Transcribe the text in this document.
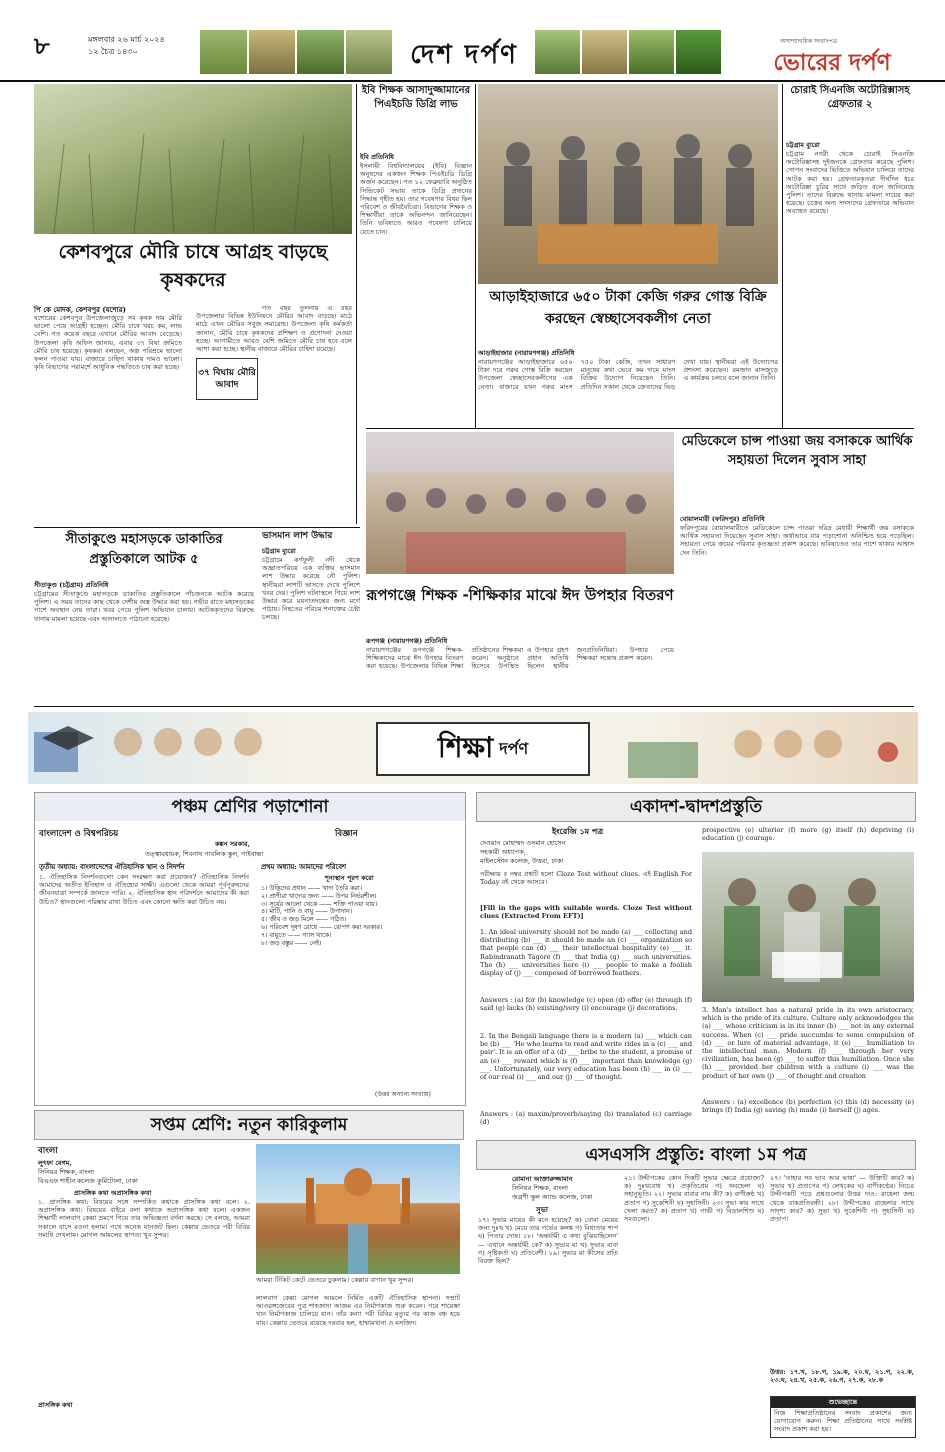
৮	মঙ্গলবার ২৬ মার্চ ২০২৪
১২ চৈত্র ১৪৩০	দেশ দর্পণ	অসাম্প্রদায়িক সংবাদপত্র
ভোরের দর্পণ
কেশবপুরে মৌরি চাষে আগ্রহ বাড়ছে কৃষকদের
পি কে মোদক, কেশবপুর (যশোর)
যশোরের কেশবপুর উপজেলাজুড়ে সব কৃষক দাম মৌরি ভালো পেয়ে আগ্রহী হচ্ছেন। মৌরি চাষে খরচ কম, লাভ বেশি। গত কয়েক বছরে এখানে মৌরির আবাদ বেড়েছে। উপজেলা কৃষি অফিস জানায়, এবার ৩৭ বিঘা জমিতে মৌরি চাষ হয়েছে। কৃষকরা বলছেন, অল্প পরিশ্রমে ভালো ফলন পাওয়া যায়। বাজারে চাহিদা থাকায় দামও ভালো। কৃষি বিভাগের পরামর্শে আধুনিক পদ্ধতিতে চাষ করা হচ্ছে।
৩৭ বিঘায় মৌরি আবাদ
গত বছর তুলনায় এ বছর উপজেলার বিভিন্ন ইউনিয়নে মৌরির আবাদ বাড়ছে। মাঠে মাঠে এখন মৌরির সবুজ সমারোহ। উপজেলা কৃষি কর্মকর্তা জানান, মৌরি চাষে কৃষকদের প্রশিক্ষণ ও প্রণোদনা দেওয়া হচ্ছে। আগামীতে আরও বেশি জমিতে মৌরি চাষ হবে বলে আশা করা হচ্ছে। স্থানীয় বাজারে মৌরির চাহিদা রয়েছে।
ইবি শিক্ষক আসাদুজ্জামানের পিএইচডি ডিগ্রি লাভ
ইবি প্রতিনিধি
ইসলামী বিশ্ববিদ্যালয়ের (ইবি) বিজ্ঞান অনুষদের একজন শিক্ষক পিএইচডি ডিগ্রি অর্জন করেছেন। গত ১২ ফেব্রুয়ারি অনুষ্ঠিত সিন্ডিকেট সভায় তাকে ডিগ্রি প্রদানের সিদ্ধান্ত গৃহীত হয়। তার গবেষণার বিষয় ছিল পরিবেশ ও জীববৈচিত্র্য। বিভাগের শিক্ষক ও শিক্ষার্থীরা তাকে অভিনন্দন জানিয়েছেন। তিনি ভবিষ্যতে আরও গবেষণা চালিয়ে যেতে চান।
আড়াইহাজারে ৬৫০ টাকা কেজি গরুর গোস্ত বিক্রি করছেন স্বেচ্ছাসেবকলীগ নেতা
আড়াইহাজার (নারায়ণগঞ্জ) প্রতিনিধি
নারায়ণগঞ্জের আড়াইহাজারে ৬৫০ টাকা দরে গরুর গোস্ত বিক্রি করছেন উপজেলা স্বেচ্ছাসেবকলীগের এক নেতা। বাজারে যখন গরুর মাংস ৭৫০ টাকা কেজি, তখন সাধারণ মানুষের কথা ভেবে কম দামে মাংস বিক্রির উদ্যোগ নিয়েছেন তিনি। প্রতিদিন সকাল থেকে ক্রেতাদের ভিড় দেখা যায়। স্থানীয়রা এই উদ্যোগের প্রশংসা করেছেন। রমজান মাসজুড়ে এ কার্যক্রম চলবে বলে জানান তিনি।
চোরাই সিএনজি অটোরিক্সাসহ গ্রেফতার ২
চট্টগ্রাম ব্যুরো
চট্টগ্রাম নগরী থেকে চোরাই সিএনজি অটোরিক্সাসহ দুইজনকে গ্রেফতার করেছে পুলিশ। গোপন সংবাদের ভিত্তিতে অভিযান চালিয়ে তাদের আটক করা হয়। গ্রেফতারকৃতরা দীর্ঘদিন ধরে অটোরিক্সা চুরির সাথে জড়িত বলে জানিয়েছে পুলিশ। তাদের বিরুদ্ধে থানায় মামলা দায়ের করা হয়েছে। চক্রের অন্য সদস্যদের গ্রেফতারে অভিযান অব্যাহত রয়েছে।
মেডিকেলে চান্স পাওয়া জয় বসাককে আর্থিক সহায়তা দিলেন সুবাস সাহা
বোয়ালমারী (ফরিদপুর) প্রতিনিধি
ফরিদপুরের বোয়ালমারীতে মেডিকেলে চান্স পাওয়া দরিদ্র মেধাবী শিক্ষার্থী জয় বসাককে আর্থিক সহায়তা দিয়েছেন সুবাস সাহা। অর্থাভাবে যার পড়াশোনা অনিশ্চিত হয়ে পড়েছিল। সহায়তা পেয়ে জয়ের পরিবার কৃতজ্ঞতা প্রকাশ করেছে। ভবিষ্যতেও তার পাশে থাকার আশ্বাস দেন তিনি।
রূপগঞ্জে শিক্ষক -শিক্ষিকার মাঝে ঈদ উপহার বিতরণ
রূপগঞ্জ (নারায়ণগঞ্জ) প্রতিনিধি
নারায়ণগঞ্জের রূপগঞ্জে শিক্ষক-শিক্ষিকাদের মাঝে ঈদ উপহার বিতরণ করা হয়েছে। উপজেলার বিভিন্ন শিক্ষা প্রতিষ্ঠানের শিক্ষকরা এ উপহার গ্রহণ করেন। অনুষ্ঠানে প্রধান অতিথি হিসেবে উপস্থিত ছিলেন স্থানীয় জনপ্রতিনিধিরা। উপহার পেয়ে শিক্ষকরা সন্তোষ প্রকাশ করেন।
সীতাকুণ্ডে মহাসড়কে ডাকাতির প্রস্তুতিকালে আটক ৫
সীতাকুণ্ড (চট্টগ্রাম) প্রতিনিধি
চট্টগ্রামের সীতাকুণ্ডে মহাসড়কে ডাকাতির প্রস্তুতিকালে পাঁচজনকে আটক করেছে পুলিশ। এ সময় তাদের কাছ থেকে দেশীয় অস্ত্র উদ্ধার করা হয়। গভীর রাতে মহাসড়কের পাশে অবস্থান নেয় তারা। খবর পেয়ে পুলিশ অভিযান চালায়। আটককৃতদের বিরুদ্ধে থানায় মামলা হয়েছে এবং আদালতে পাঠানো হয়েছে।
ভাসমান লাশ উদ্ধার
চট্টগ্রাম ব্যুরো
চট্টগ্রামে কর্ণফুলী নদী থেকে অজ্ঞাতপরিচয় এক ব্যক্তির ভাসমান লাশ উদ্ধার করেছে নৌ পুলিশ। স্থানীয়রা লাশটি ভাসতে দেখে পুলিশে খবর দেয়। পুলিশ ঘটনাস্থলে গিয়ে লাশ উদ্ধার করে ময়নাতদন্তের জন্য মর্গে পাঠায়। নিহতের পরিচয় শনাক্তের চেষ্টা চলছে।
শিক্ষা দর্পণ
পঞ্চম শ্রেণির পড়াশোনা
বাংলাদেশ ও বিশ্বপরিচয়	বিজ্ঞান
কঙ্কন সরকার,
তত্ত্বাবধায়ক, শিবনাথ পাবলিক স্কুল, গাইবান্ধা
তৃতীয় অধ্যায়: বাংলাদেশের ঐতিহাসিক স্থান ও নিদর্শন	প্রথম অধ্যায়: আমাদের পরিবেশ
১. ঐতিহাসিক নিদর্শনগুলো কেন সংরক্ষণ করা প্রয়োজন? ঐতিহাসিক নিদর্শন আমাদের অতীত ইতিহাস ও ঐতিহ্যের সাক্ষী। এগুলো থেকে আমরা পূর্বপুরুষদের জীবনযাত্রা সম্পর্কে জানতে পারি। ২. ঐতিহাসিক স্থান পরিদর্শনে আমাদের কী করা উচিত? স্থানগুলো পরিষ্কার রাখা উচিত এবং কোনো ক্ষতি করা উচিত নয়।
শূন্যস্থান পূরণ করো
১। উদ্ভিদের প্রধান —— খাদ্য তৈরি করা।
২। প্রাণীরা খাদ্যের জন্য —— উপর নির্ভরশীল।
৩। সূর্যের আলো থেকে —— শক্তি পাওয়া যায়।
৪। মাটি, পানি ও বায়ু —— উপাদান।
৫। জীব ও জড় মিলে —— গঠিত।
৬। পরিবেশ দূষণ রোধে —— রোপণ করা দরকার।
৭। বায়ুতে —— গ্যাস থাকে।
৮। জড় বস্তুর —— নেই।
(উত্তর অন্যান্য সংখ্যায়)
একাদশ-দ্বাদশপ্রস্তুতি
ইংরেজি ১ম পত্র
দেওয়ান মোহাম্মদ ওসমান হোসেন
সহকারী অধ্যাপক,
মাইলস্টোন কলেজ, উত্তরা, ঢাকা
পরীক্ষায় ৫ নম্বর প্রশ্নটি হলো Cloze Test without clues. এই English For Today বই থেকে আসবে।
[Fill in the gaps with suitable words. Cloze Test without clues (Extracted From EFT)]
1. An ideal university should not be made (a) ___ collecting and distributing (b) ___ it should be made an (c) ___ organization so that people can (d) ___ their intellectual hospitality (e) ___ it. Rabindranath Tagore (f) ___ that India (g) ___ such universities. The (h) ___ universities here (i) ___ people to make a foolish display of (j) ___ composed of borrowed feathers.
Answers : (a) for (b) knowledge (c) open (d) offer (e) through (f) said (g) lacks (h) existing/very (i) encourage (j) decorations.
2. In the Bengali language there is a modern (a) ___ which can be (b) ___ 'He who learns to read and write rides in a (c) ___ and pair'. It is an offer of a (d) ___ bribe to the student, a promise of an (e) ___ reward which is (f) ___ important than knowledge (g) ___. Unfortunately, our very education has been (h) ___ in (i) ___ of our real (i) ___ and our (j) ___ of thought.
Answers : (a) maxim/proverb/saying (b) translated (c) carriage (d)
prospective (e) ulterior (f) more (g) itself (h) depriving (i) education (j) courage.
3. Man's intellect has a natural pride in its own aristocracy, which is the pride of its culture. Culture only acknowledges the (a) ___ whose criticism is in its inner (b) ___ not in any external success. When (c) ___ pride succumbs to some compulsion of (d) ___ or lure of material advantage, it (e) ___ humiliation to the intellectual man. Modern (f) ___ through her very civilization, has been (g) ___ to suffer this humiliation. Once she (h) ___ provided her children with a culture (i) ___ was the product of her own (j) ___ of thought and creation
Answers : (a) excellence (b) perfection (c) this (d) necessity (e) brings (f) India (g) saving (h) made (i) herself (j) ages.
সপ্তম শ্রেণি: নতুন কারিকুলাম
বাংলা
লুৎফা বেগম,
সিনিয়র শিক্ষক, বাংলা
বিএএফ শাহীন কলেজ কুর্মিটোলা, ঢাকা
প্রাসঙ্গিক কথা অপ্রাসঙ্গিক কথা
১. প্রাসঙ্গিক কথা: বিষয়ের সঙ্গে সম্পর্কিত কথাকে প্রাসঙ্গিক কথা বলে। ২. অপ্রাসঙ্গিক কথা: বিষয়ের বাইরে বলা কথাকে অপ্রাসঙ্গিক কথা বলে। একজন শিক্ষার্থী লালবাগ কেল্লা ভ্রমণে গিয়ে তার অভিজ্ঞতা বর্ণনা করছে। সে বলছে, আমরা সকালে বাসে রওনা হলাম। পথে অনেক যানজট ছিল। কেল্লার ভেতরে পরী বিবির সমাধি দেখলাম। মোগল আমলের স্থাপত্য খুব সুন্দর।
প্রাসঙ্গিক কথা
আমরা টিকিট কেটে ভেতরে ঢুকলাম। কেল্লার বাগান খুব সুন্দর।
লালবাগ কেল্লা মোগল আমলে নির্মিত একটি ঐতিহাসিক স্থাপনা। সম্রাট আওরঙ্গজেবের পুত্র শাহজাদা আজম এর নির্মাণকাজ শুরু করেন। পরে শায়েস্তা খান নির্মাণকাজ চালিয়ে যান। তাঁর কন্যা পরী বিবির মৃত্যুর পর কাজ বন্ধ হয়ে যায়। কেল্লার ভেতরে রয়েছে দরবার হল, হাম্মামখানা ও মসজিদ।
এসএসসি প্রস্তুতি: বাংলা ১ম পত্র
রোমানা আক্তারুজ্জামান
সিনিয়র শিক্ষক, বাংলা
অগ্রণী স্কুল অ্যান্ড কলেজ, ঢাকা
সুভা
১৭। সুভার মায়ের কী মনে হয়েছে? ক) বোবা মেয়ের জন্য দুঃখ খ) মেয়ে তার গর্ভের কলঙ্ক গ) বিধাতার শাপ ঘ) পিতার দোষ। ১৮। 'অন্তর্যামী এ কথা বুঝিয়াছিলেন' — এখানে অন্তর্যামী কে? ক) সুভার মা খ) সুভার বাবা গ) সৃষ্টিকর্তা ঘ) প্রতিবেশী। ১৯। সুভার মা কীসের প্রতি বিরক্ত ছিল?
২১। উদ্দীপকের কোন দিকটি সুভার ক্ষেত্রে প্রযোজ্য? ক) দুঃখবোধ খ) প্রকৃতিপ্রেম গ) অবহেলা ঘ) সহানুভূতি। ২২। সুভার বাবার নাম কী? ক) বাণীকণ্ঠ খ) প্রতাপ গ) সুকেশিনী ঘ) সুহাসিনী। ২৩। সুভা কার সাথে খেলা করত? ক) প্রতাপ খ) গাভী গ) বিড়ালশিশু ঘ) সবগুলো।
২৭। 'তাহার সব ভাব আর ভাষা' — উক্তিটি কার? ক) সুভার খ) প্রতাপের গ) লেখকের ঘ) বাণীকণ্ঠের। নিচের উদ্দীপকটি পড়ে প্রশ্নগুলোর উত্তর দাও: রাহেলা জন্ম থেকে বাকপ্রতিবন্ধী। ২৮। উদ্দীপকের রাহেলার সাথে সাদৃশ্য কার? ক) সুভা খ) সুকেশিনী গ) সুহাসিনী ঘ) প্রতাপ।
উত্তর: ১৭.খ, ১৮.গ, ১৯.ক, ২০.ঘ, ২১.গ, ২২.ক, ২৩.ঘ, ২৪.খ, ২৫.ক, ২৬.গ, ২৭.ক, ২৮.ক
শুভেচ্ছান্তে
নিজ শিক্ষাপ্রতিষ্ঠানের সংবাদ প্রকাশের জন্য যোগাযোগ করুন। শিক্ষা প্রতিষ্ঠানের সাথে সংশ্লিষ্ট সংবাদ প্রকাশ করা হয়।
